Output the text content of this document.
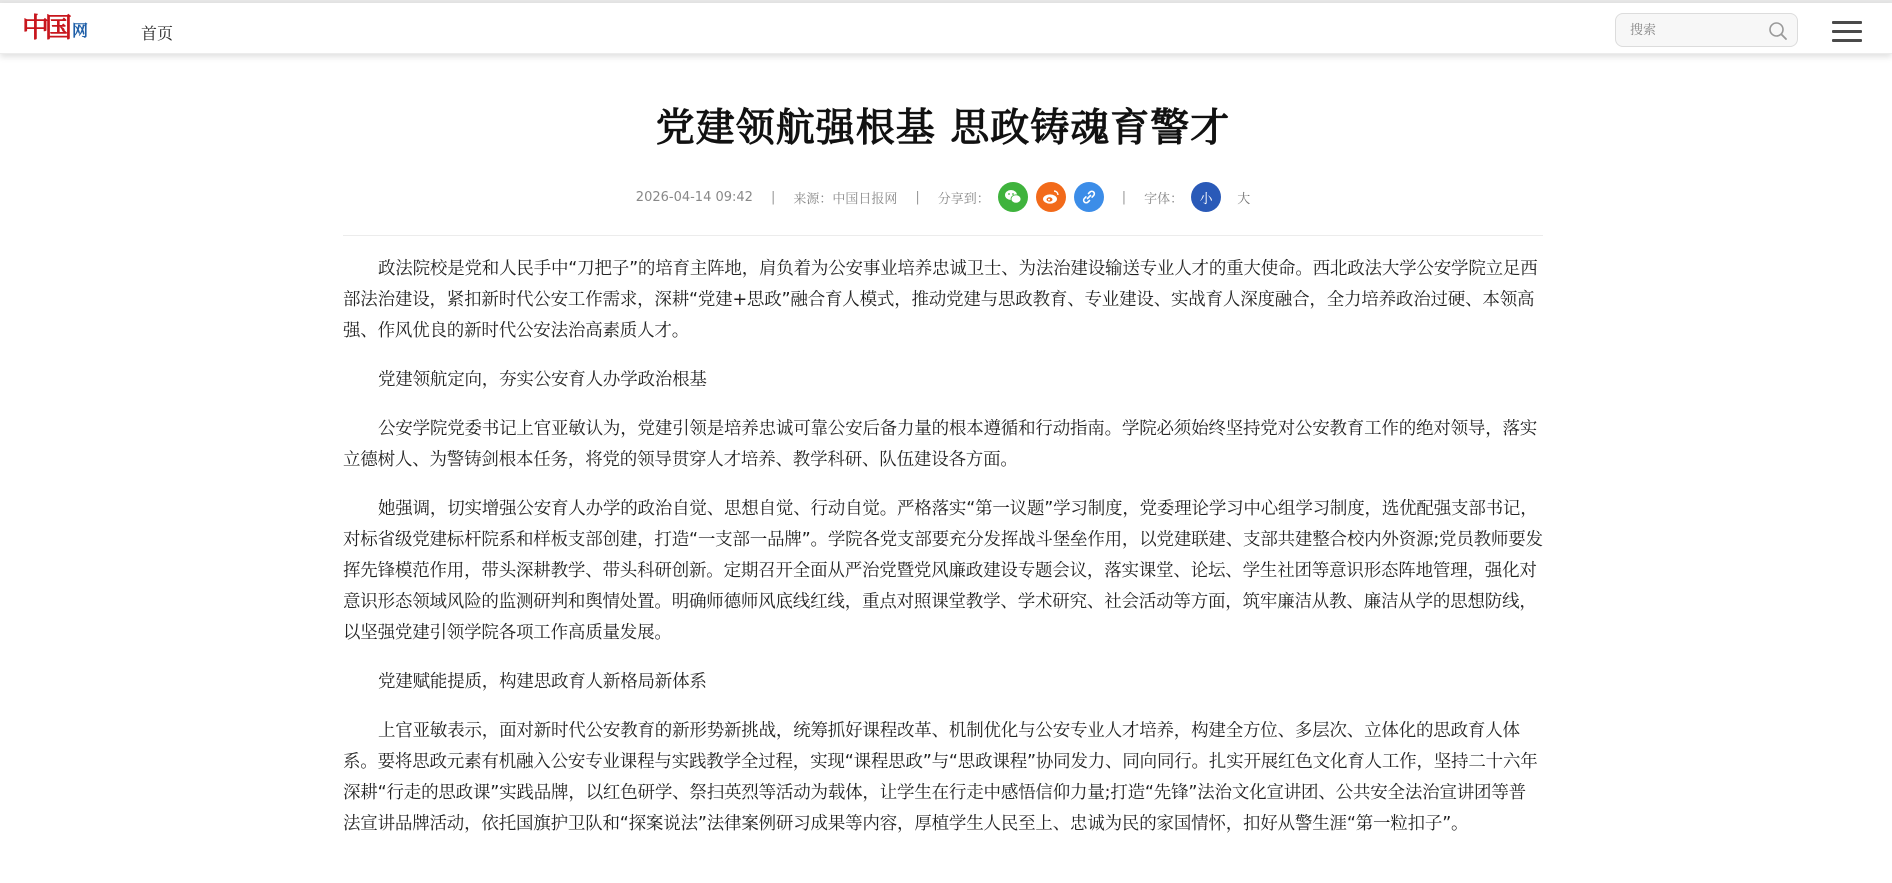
中国 网	首页
搜索
党建领航强根基 思政铸魂育警才
2026-04-14 09:42 | 来源： 中国日报网 | 分享到：	| 字体：	小	大

政法院校是党和人民手中“刀把子”的培育主阵地，肩负着为公安事业培养忠诚卫士、为法治建设输送专业人才的重大使命。西北政法大学公安学院立足西部法治建设，紧扣新时代公安工作需求，深耕“党建+思政”融合育人模式，推动党建与思政教育、专业建设、实战育人深度融合，全力培养政治过硬、本领高强、作风优良的新时代公安法治高素质人才。

党建领航定向，夯实公安育人办学政治根基

公安学院党委书记上官亚敏认为，党建引领是培养忠诚可靠公安后备力量的根本遵循和行动指南。学院必须始终坚持党对公安教育工作的绝对领导，落实立德树人、为警铸剑根本任务，将党的领导贯穿人才培养、教学科研、队伍建设各方面。

她强调，切实增强公安育人办学的政治自觉、思想自觉、行动自觉。严格落实“第一议题”学习制度，党委理论学习中心组学习制度，选优配强支部书记，对标省级党建标杆院系和样板支部创建，打造“一支部一品牌”。学院各党支部要充分发挥战斗堡垒作用，以党建联建、支部共建整合校内外资源;党员教师要发挥先锋模范作用，带头深耕教学、带头科研创新。定期召开全面从严治党暨党风廉政建设专题会议，落实课堂、论坛、学生社团等意识形态阵地管理，强化对意识形态领域风险的监测研判和舆情处置。明确师德师风底线红线，重点对照课堂教学、学术研究、社会活动等方面，筑牢廉洁从教、廉洁从学的思想防线，以坚强党建引领学院各项工作高质量发展。

党建赋能提质，构建思政育人新格局新体系

上官亚敏表示，面对新时代公安教育的新形势新挑战，统筹抓好课程改革、机制优化与公安专业人才培养，构建全方位、多层次、立体化的思政育人体系。要将思政元素有机融入公安专业课程与实践教学全过程，实现“课程思政”与“思政课程”协同发力、同向同行。扎实开展红色文化育人工作，坚持二十六年深耕“行走的思政课”实践品牌，以红色研学、祭扫英烈等活动为载体，让学生在行走中感悟信仰力量;打造“先锋”法治文化宣讲团、公共安全法治宣讲团等普法宣讲品牌活动，依托国旗护卫队和“探案说法”法律案例研习成果等内容，厚植学生人民至上、忠诚为民的家国情怀，扣好从警生涯“第一粒扣子”。
